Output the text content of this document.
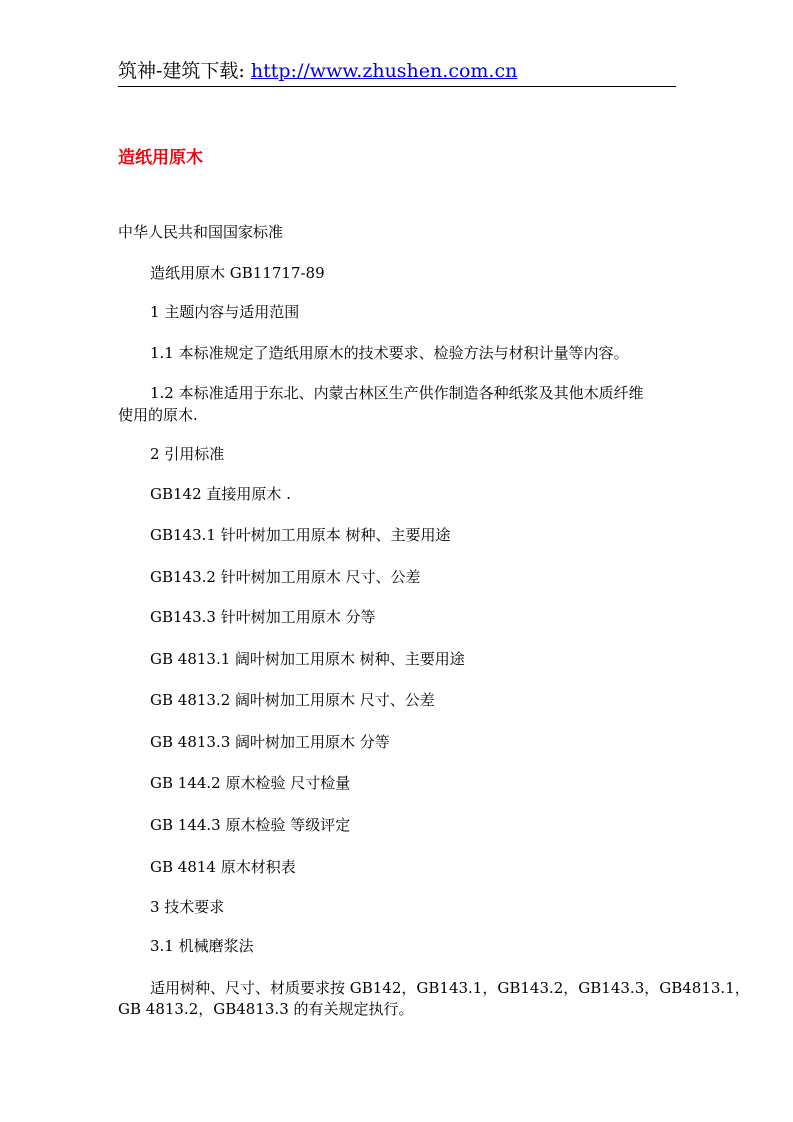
筑神-建筑下载: http://www.zhushen.com.cn
造纸用原木
中华人民共和国国家标准
造纸用原木 GB11717-89
1 主题内容与适用范围
1.1 本标准规定了造纸用原木的技术要求、检验方法与材积计量等内容。
1.2 本标准适用于东北、内蒙古林区生产供作制造各种纸浆及其他木质纤维
使用的原木.
2 引用标准
GB142 直接用原木 .
GB143.1 针叶树加工用原本 树种、主要用途
GB143.2 针叶树加工用原木 尺寸、公差
GB143.3 针叶树加工用原木 分等
GB 4813.1 阔叶树加工用原木 树种、主要用途
GB 4813.2 阔叶树加工用原木 尺寸、公差
GB 4813.3 阔叶树加工用原木 分等
GB 144.2 原木检验 尺寸检量
GB 144.3 原木检验 等级评定
GB 4814 原木材积表
3 技术要求
3.1 机械磨浆法
适用树种、尺寸、材质要求按 GB142，GB143.1，GB143.2，GB143.3，GB4813.1，
GB 4813.2，GB4813.3 的有关规定执行。
